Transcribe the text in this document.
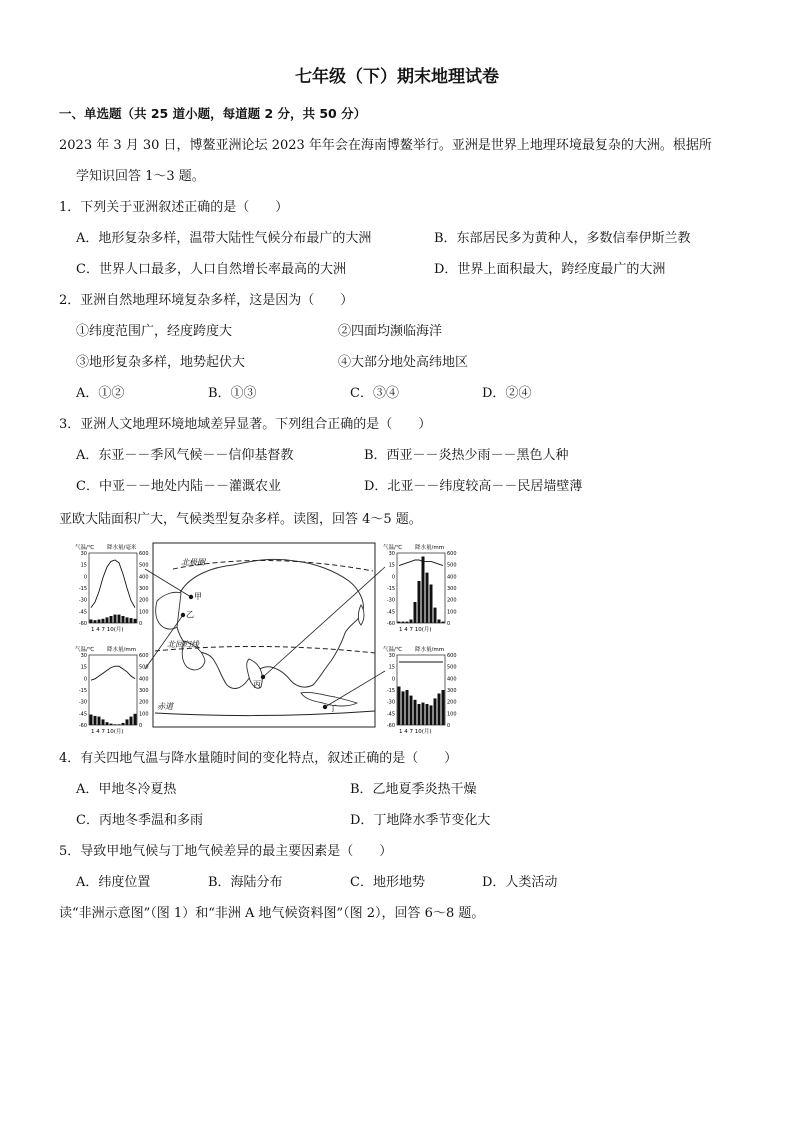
七年级（下）期末地理试卷
一、单选题（共 25 道小题，每道题 2 分，共 50 分）
2023 年 3 月 30 日，博鳌亚洲论坛 2023 年年会在海南博鳌举行。亚洲是世界上地理环境最复杂的大洲。根据所
学知识回答 1～3 题。
1．下列关于亚洲叙述正确的是（　　）
A．地形复杂多样，温带大陆性气候分布最广的大洲	B．东部居民多为黄种人，多数信奉伊斯兰教
C．世界人口最多，人口自然增长率最高的大洲	D．世界上面积最大，跨经度最广的大洲
2．亚洲自然地理环境复杂多样，这是因为（　　）
①纬度范围广，经度跨度大	②四面均濒临海洋
③地形复杂多样，地势起伏大	④大部分地处高纬地区
A．①②	B．①③	C．③④	D．②④
3．亚洲人文地理环境地域差异显著。下列组合正确的是（　　）
A．东亚－－季风气候－－信仰基督教	B．西亚－－炎热少雨－－黑色人种
C．中亚－－地处内陆－－灌溉农业	D．北亚－－纬度较高－－民居墙壁薄
亚欧大陆面积广大，气候类型复杂多样。读图，回答 4～5 题。
北极圈
北回归线
赤道
甲
乙
丙
丁
气温/℃ 降水量/毫米
30
15
0
-15
-30
-45
-60
600
500
400
300
200
100
0
1 4 7 10(月)
气温/℃ 降水量/mm
30
15
0
-15
-30
-45
-60
600
500
400
300
200
100
0
1 4 7 10(月)
气温/℃ 降水量/mm
30
15
0
-15
-30
-45
-60
600
500
400
300
200
100
0
1 4 7 10(月)
气温/℃ 降水量/mm
30
15
0
-15
-30
-45
-60
600
500
400
300
200
100
0
1 4 7 10(月)
4．有关四地气温与降水量随时间的变化特点，叙述正确的是（　　）
A．甲地冬冷夏热	B．乙地夏季炎热干燥
C．丙地冬季温和多雨	D．丁地降水季节变化大
5．导致甲地气候与丁地气候差异的最主要因素是（　　）
A．纬度位置	B．海陆分布	C．地形地势	D．人类活动
读“非洲示意图”（图 1）和“非洲 A 地气候资料图”（图 2），回答 6～8 题。
